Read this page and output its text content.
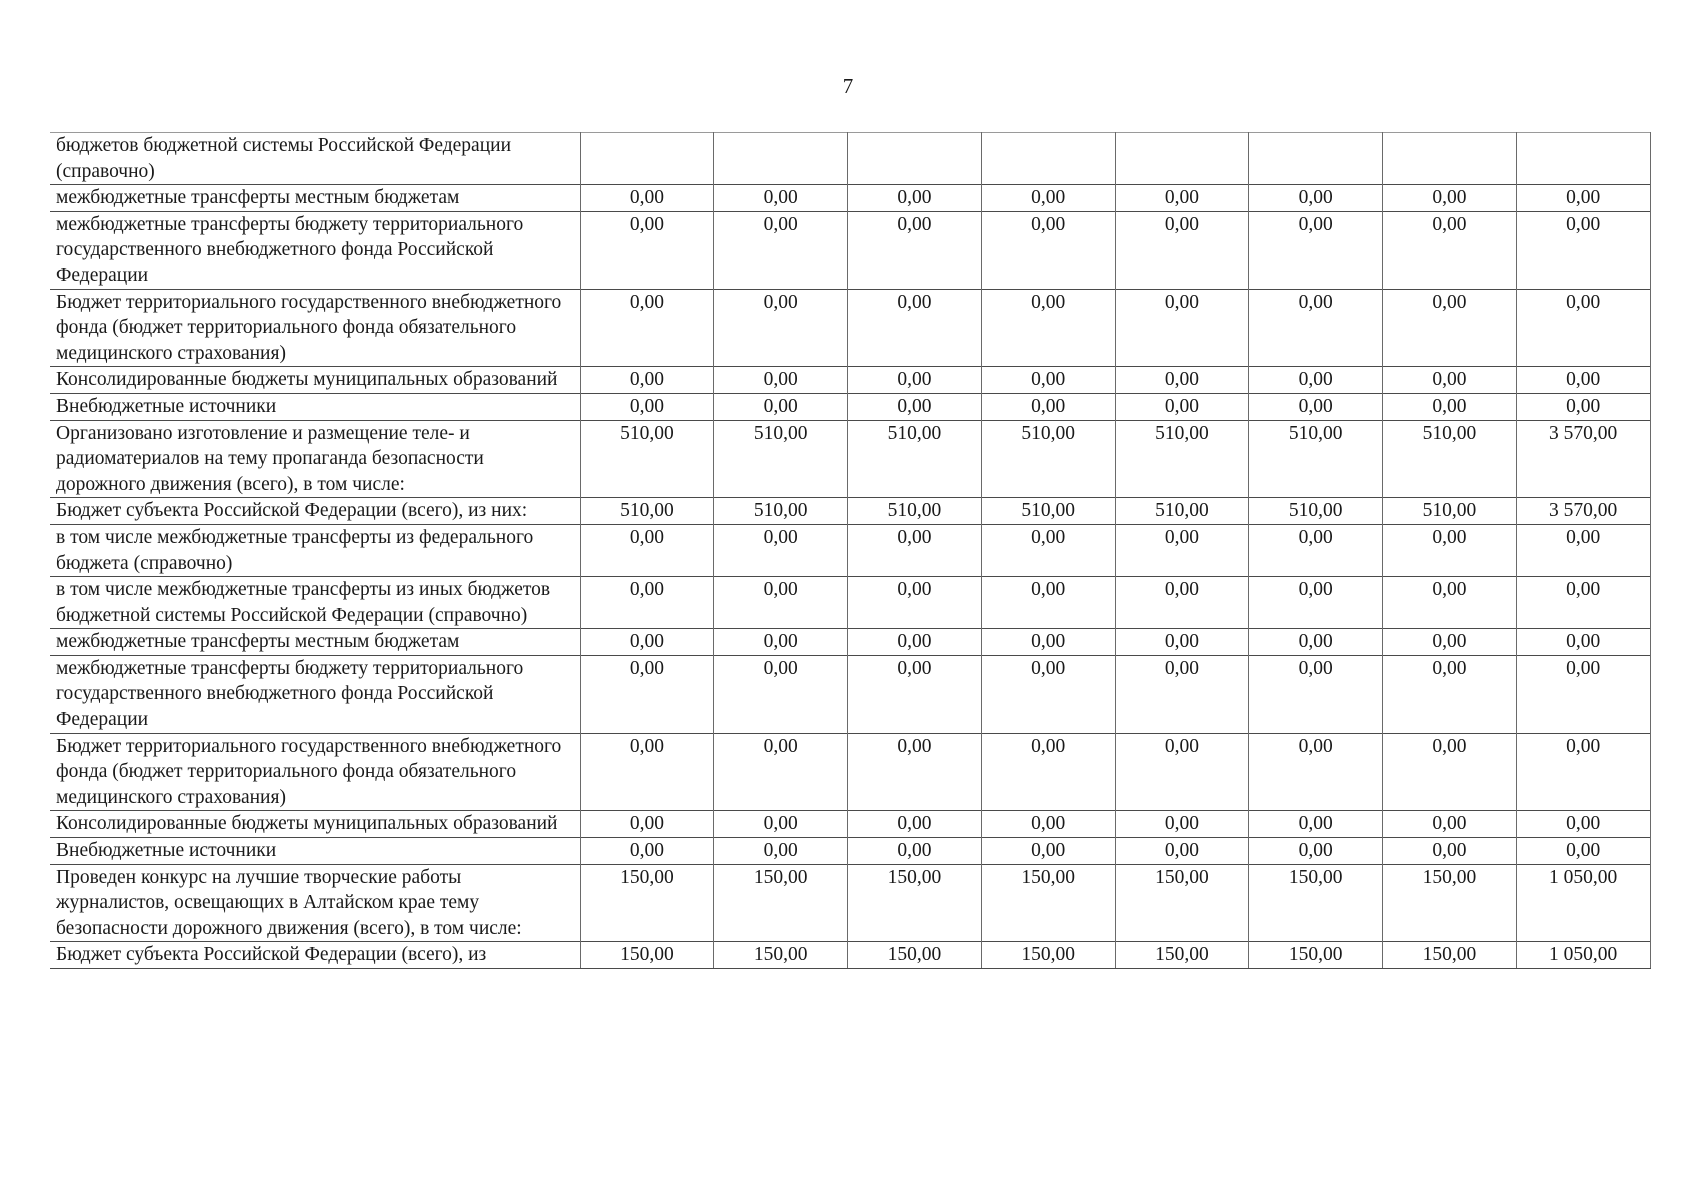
7
бюджетов бюджетной системы Российской Федерации (справочно)								
межбюджетные трансферты местным бюджетам	0,00	0,00	0,00	0,00	0,00	0,00	0,00	0,00
межбюджетные трансферты бюджету территориального государственного внебюджетного фонда Российской Федерации	0,00	0,00	0,00	0,00	0,00	0,00	0,00	0,00
Бюджет территориального государственного внебюджетного фонда (бюджет территориального фонда обязательного медицинского страхования)	0,00	0,00	0,00	0,00	0,00	0,00	0,00	0,00
Консолидированные бюджеты муниципальных образований	0,00	0,00	0,00	0,00	0,00	0,00	0,00	0,00
Внебюджетные источники	0,00	0,00	0,00	0,00	0,00	0,00	0,00	0,00
Организовано изготовление и размещение теле- и радиоматериалов на тему пропаганда безопасности дорожного движения (всего), в том числе:	510,00	510,00	510,00	510,00	510,00	510,00	510,00	3 570,00
Бюджет субъекта Российской Федерации (всего), из них:	510,00	510,00	510,00	510,00	510,00	510,00	510,00	3 570,00
в том числе межбюджетные трансферты из федерального бюджета (справочно)	0,00	0,00	0,00	0,00	0,00	0,00	0,00	0,00
в том числе межбюджетные трансферты из иных бюджетов бюджетной системы Российской Федерации (справочно)	0,00	0,00	0,00	0,00	0,00	0,00	0,00	0,00
межбюджетные трансферты местным бюджетам	0,00	0,00	0,00	0,00	0,00	0,00	0,00	0,00
межбюджетные трансферты бюджету территориального государственного внебюджетного фонда Российской Федерации	0,00	0,00	0,00	0,00	0,00	0,00	0,00	0,00
Бюджет территориального государственного внебюджетного фонда (бюджет территориального фонда обязательного медицинского страхования)	0,00	0,00	0,00	0,00	0,00	0,00	0,00	0,00
Консолидированные бюджеты муниципальных образований	0,00	0,00	0,00	0,00	0,00	0,00	0,00	0,00
Внебюджетные источники	0,00	0,00	0,00	0,00	0,00	0,00	0,00	0,00
Проведен конкурс на лучшие творческие работы журналистов, освещающих в Алтайском крае тему безопасности дорожного движения (всего), в том числе:	150,00	150,00	150,00	150,00	150,00	150,00	150,00	1 050,00
Бюджет субъекта Российской Федерации (всего), из	150,00	150,00	150,00	150,00	150,00	150,00	150,00	1 050,00
